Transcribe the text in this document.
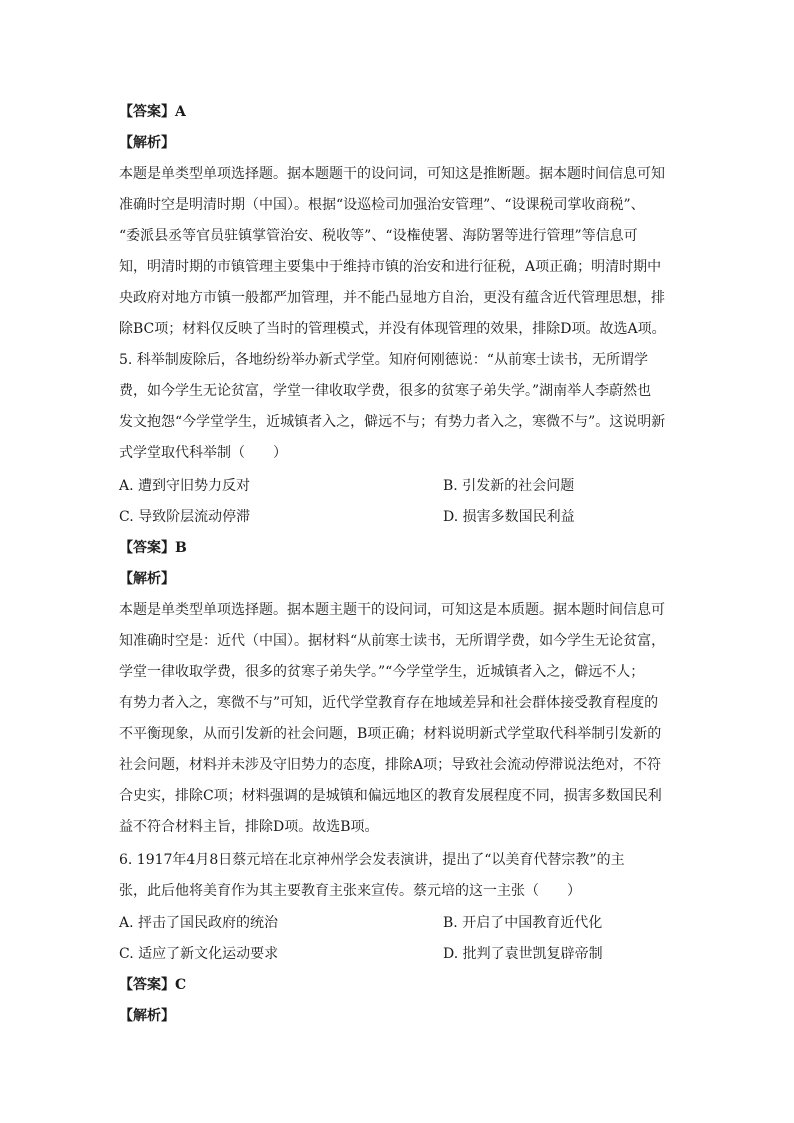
【答案】A
【解析】
本题是单类型单项选择题。据本题题干的设问词，可知这是推断题。据本题时间信息可知
准确时空是明清时期（中国）。根据“设巡检司加强治安管理”、“设课税司掌收商税”、
“委派县丞等官员驻镇掌管治安、税收等”、“设権使署、海防署等进行管理”等信息可
知，明清时期的市镇管理主要集中于维持市镇的治安和进行征税，A项正确；明清时期中
央政府对地方市镇一般都严加管理，并不能凸显地方自治，更没有蕴含近代管理思想，排
除BC项；材料仅反映了当时的管理模式，并没有体现管理的效果，排除D项。故选A项。
5. 科举制废除后，各地纷纷举办新式学堂。知府何刚德说：“从前寒士读书，无所谓学
费，如今学生无论贫富，学堂一律收取学费，很多的贫寒子弟失学。”湖南举人李蔚然也
发文抱怨“今学堂学生，近城镇者入之，僻远不与；有势力者入之，寒微不与”。这说明新
式学堂取代科举制（　　）
A. 遭到守旧势力反对	B. 引发新的社会问题
C. 导致阶层流动停滞	D. 损害多数国民利益
【答案】B
【解析】
本题是单类型单项选择题。据本题主题干的设问词，可知这是本质题。据本题时间信息可
知准确时空是：近代（中国）。据材料“从前寒士读书，无所谓学费，如今学生无论贫富，
学堂一律收取学费，很多的贫寒子弟失学。”“今学堂学生，近城镇者入之，僻远不人；
有势力者入之，寒微不与”可知，近代学堂教育存在地域差异和社会群体接受教育程度的
不平衡现象，从而引发新的社会问题，B项正确；材料说明新式学堂取代科举制引发新的
社会问题，材料并未涉及守旧势力的态度，排除A项；导致社会流动停滞说法绝对，不符
合史实，排除C项；材料强调的是城镇和偏远地区的教育发展程度不同，损害多数国民利
益不符合材料主旨，排除D项。故选B项。
6. 1917年4月8日蔡元培在北京神州学会发表演讲，提出了“以美育代替宗教”的主
张，此后他将美育作为其主要教育主张来宣传。蔡元培的这一主张（　　）
A. 抨击了国民政府的统治	B. 开启了中国教育近代化
C. 适应了新文化运动要求	D. 批判了袁世凯复辟帝制
【答案】C
【解析】
